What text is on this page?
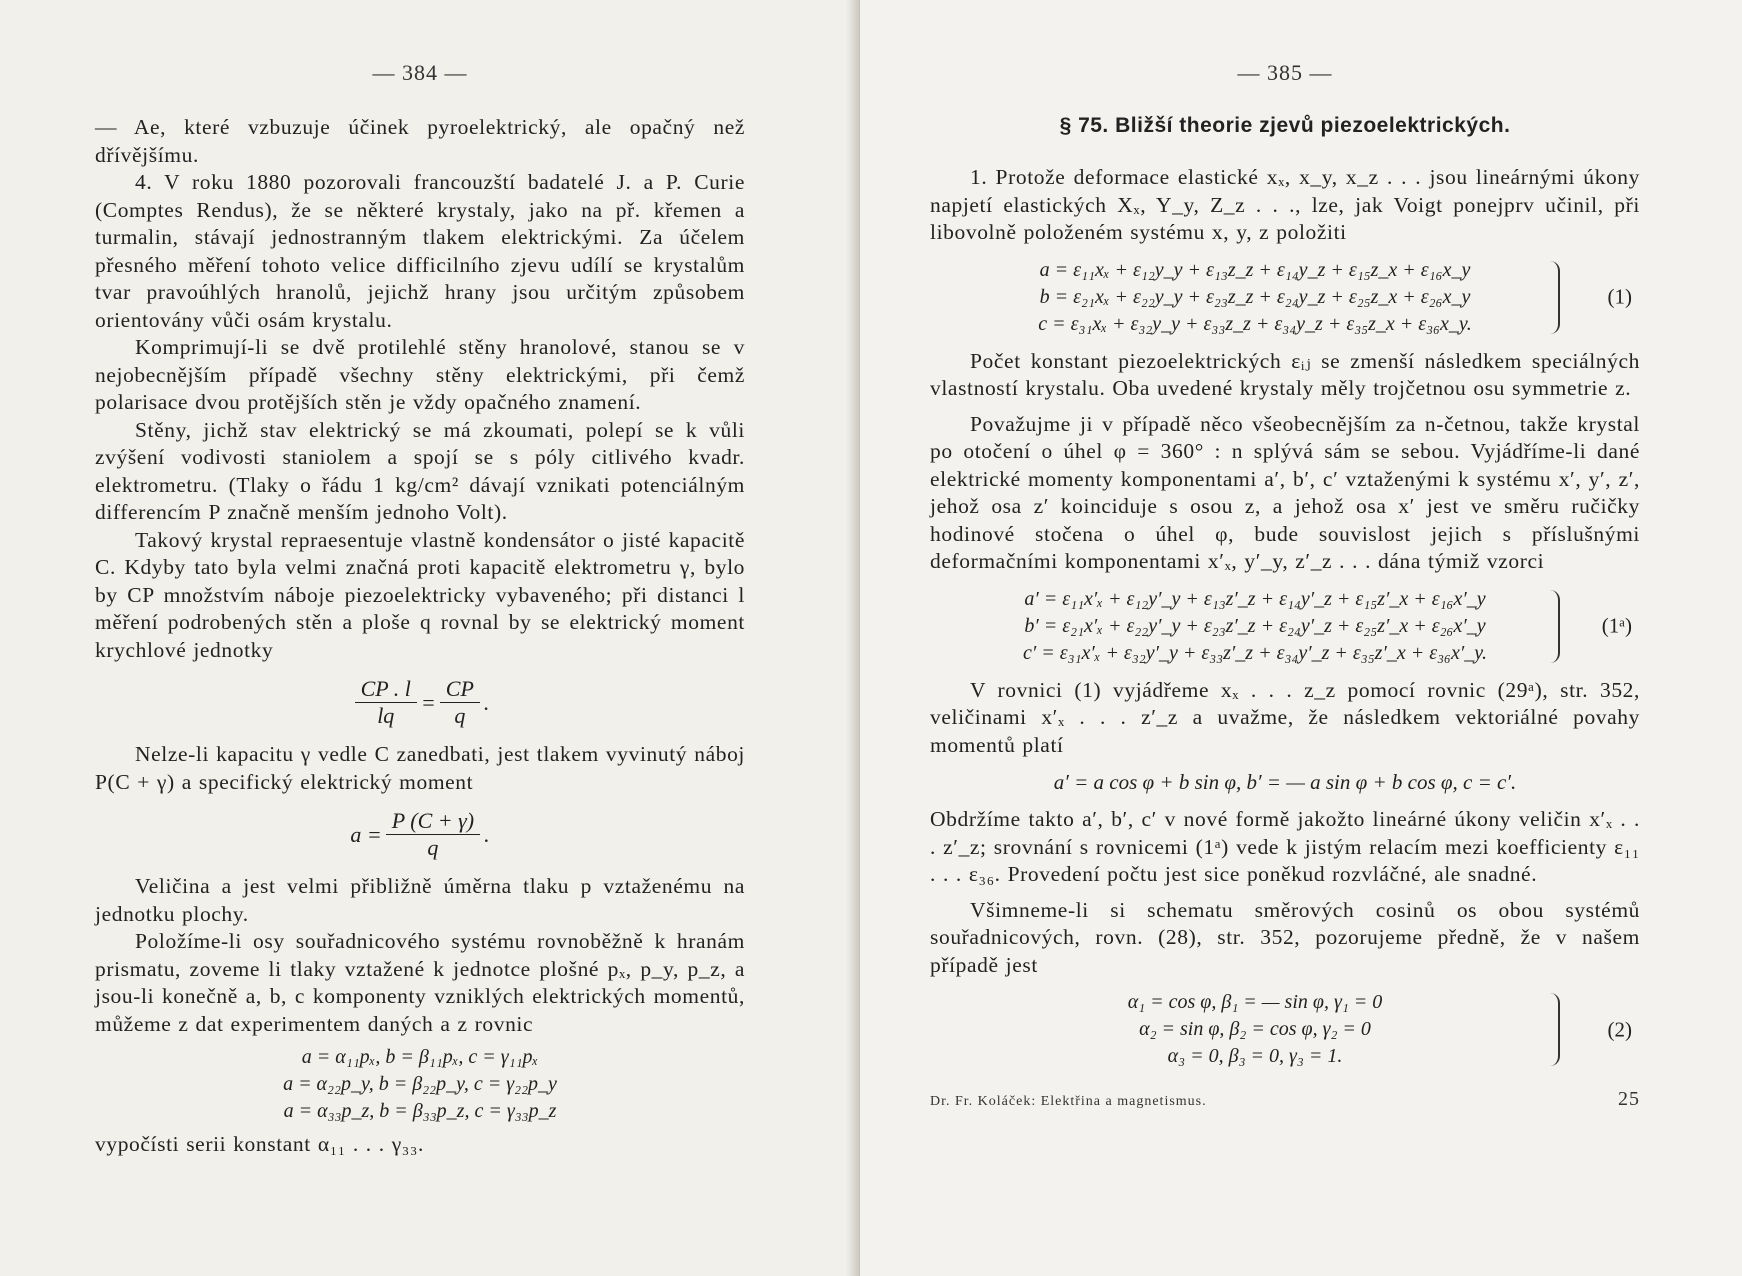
— 384 —

— Ae, které vzbuzuje účinek pyroelektrický, ale opačný než dřívějšímu.

4. V roku 1880 pozorovali francouzští badatelé J. a P. Curie (Comptes Rendus), že se některé krystaly, jako na př. křemen a turmalin, stávají jednostranným tlakem elektrickými. Za účelem přesného měření tohoto velice difficilního zjevu udílí se krystalům tvar pravoúhlých hranolů, jejichž hrany jsou určitým způsobem orientovány vůči osám krystalu.

Komprimují-li se dvě protilehlé stěny hranolové, stanou se v nejobecnějším případě všechny stěny elektrickými, při čemž polarisace dvou protějších stěn je vždy opačného znamení.

Stěny, jichž stav elektrický se má zkoumati, polepí se k vůli zvýšení vodivosti staniolem a spojí se s póly citlivého kvadr. elektrometru. (Tlaky o řádu 1 kg/cm² dávají vznikati potenciálným differencím P značně menším jednoho Volt).

Takový krystal repraesentuje vlastně kondensátor o jisté kapacitě C. Kdyby tato byla velmi značná proti kapacitě elektrometru γ, bylo by CP množstvím náboje piezoelektricky vybaveného; při distanci l měření podrobených stěn a ploše q rovnal by se elektrický moment krychlové jednotky

$\frac{CP . l}{lq} = \frac{CP}{q}$ .

Nelze-li kapacitu γ vedle C zanedbati, jest tlakem vyvinutý náboj P(C + γ) a specifický elektrický moment

$a = \frac{P (C + \gamma)}{q}$ .

Veličina a jest velmi přibližně úměrna tlaku p vztaženému na jednotku plochy.

Položíme-li osy souřadnicového systému rovnoběžně k hranám prismatu, zoveme li tlaky vztažené k jednotce plošné pₓ, p_y, p_z, a jsou-li konečně a, b, c komponenty vzniklých elektrických momentů, můžeme z dat experimentem daných a z rovnic

a = α₁₁pₓ, b = β₁₁pₓ, c = γ₁₁pₓ
a = α₂₂p_y, b = β₂₂p_y, c = γ₂₂p_y
a = α₃₃p_z, b = β₃₃p_z, c = γ₃₃p_z

vypočísti serii konstant α₁₁ . . . γ₃₃.

— 385 —
§ 75. Bližší theorie zjevů piezoelektrických.

1. Protože deformace elastické xₓ, x_y, x_z . . . jsou lineárnými úkony napjetí elastických Xₓ, Y_y, Z_z . . ., lze, jak Voigt ponejprv učinil, při libovolně položeném systému x, y, z položiti

a = ε₁₁xₓ + ε₁₂y_y + ε₁₃z_z + ε₁₄y_z + ε₁₅z_x + ε₁₆x_y
b = ε₂₁xₓ + ε₂₂y_y + ε₂₃z_z + ε₂₄y_z + ε₂₅z_x + ε₂₆x_y
c = ε₃₁xₓ + ε₃₂y_y + ε₃₃z_z + ε₃₄y_z + ε₃₅z_x + ε₃₆x_y.
(1)

Počet konstant piezoelektrických εᵢⱼ se zmenší následkem speciálných vlastností krystalu. Oba uvedené krystaly měly trojčetnou osu symmetrie z.

Považujme ji v případě něco všeobecnějším za n-četnou, takže krystal po otočení o úhel φ = 360° : n splývá sám se sebou. Vyjádříme-li dané elektrické momenty komponentami a′, b′, c′ vztaženými k systému x′, y′, z′, jehož osa z′ koinciduje s osou z, a jehož osa x′ jest ve směru ručičky hodinové stočena o úhel φ, bude souvislost jejich s příslušnými deformačními komponentami x′ₓ, y′_y, z′_z . . . dána týmiž vzorci

a′ = ε₁₁x′ₓ + ε₁₂y′_y + ε₁₃z′_z + ε₁₄y′_z + ε₁₅z′_x + ε₁₆x′_y
b′ = ε₂₁x′ₓ + ε₂₂y′_y + ε₂₃z′_z + ε₂₄y′_z + ε₂₅z′_x + ε₂₆x′_y
c′ = ε₃₁x′ₓ + ε₃₂y′_y + ε₃₃z′_z + ε₃₄y′_z + ε₃₅z′_x + ε₃₆x′_y.
(1ᵃ)

V rovnici (1) vyjádřeme xₓ . . . z_z pomocí rovnic (29ᵃ), str. 352, veličinami x′ₓ . . . z′_z a uvažme, že následkem vektoriálné povahy momentů platí

a′ = a cos φ + b sin φ, b′ = — a sin φ + b cos φ, c = c′.

Obdržíme takto a′, b′, c′ v nové formě jakožto lineárné úkony veličin x′ₓ . . . z′_z; srovnání s rovnicemi (1ᵃ) vede k jistým relacím mezi koefficienty ε₁₁ . . . ε₃₆. Provedení počtu jest sice poněkud rozvláčné, ale snadné.

Všimneme-li si schematu směrových cosinů os obou systémů souřadnicových, rovn. (28), str. 352, pozorujeme předně, že v našem případě jest

α₁ = cos φ, β₁ = — sin φ, γ₁ = 0
α₂ = sin φ, β₂ = cos φ, γ₂ = 0
α₃ = 0, β₃ = 0, γ₃ = 1.
(2)
Dr. Fr. Koláček: Elektřina a magnetismus.	25
